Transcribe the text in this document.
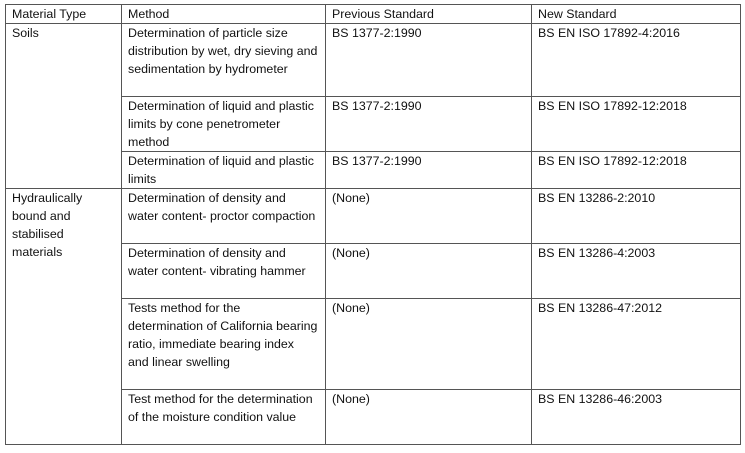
Material Type	Method	Previous Standard	New Standard
Soils	Determination of particle size distribution by wet, dry sieving and sedimentation by hydrometer	BS 1377-2:1990	BS EN ISO 17892-4:2016
	Determination of liquid and plastic limits by cone penetrometer method	BS 1377-2:1990	BS EN ISO 17892-12:2018
	Determination of liquid and plastic limits	BS 1377-2:1990	BS EN ISO 17892-12:2018
Hydraulically bound and stabilised materials	Determination of density and water content- proctor compaction	(None)	BS EN 13286-2:2010
	Determination of density and water content- vibrating hammer	(None)	BS EN 13286-4:2003
	Tests method for the determination of California bearing ratio, immediate bearing index and linear swelling	(None)	BS EN 13286-47:2012
	Test method for the determination of the moisture condition value	(None)	BS EN 13286-46:2003
